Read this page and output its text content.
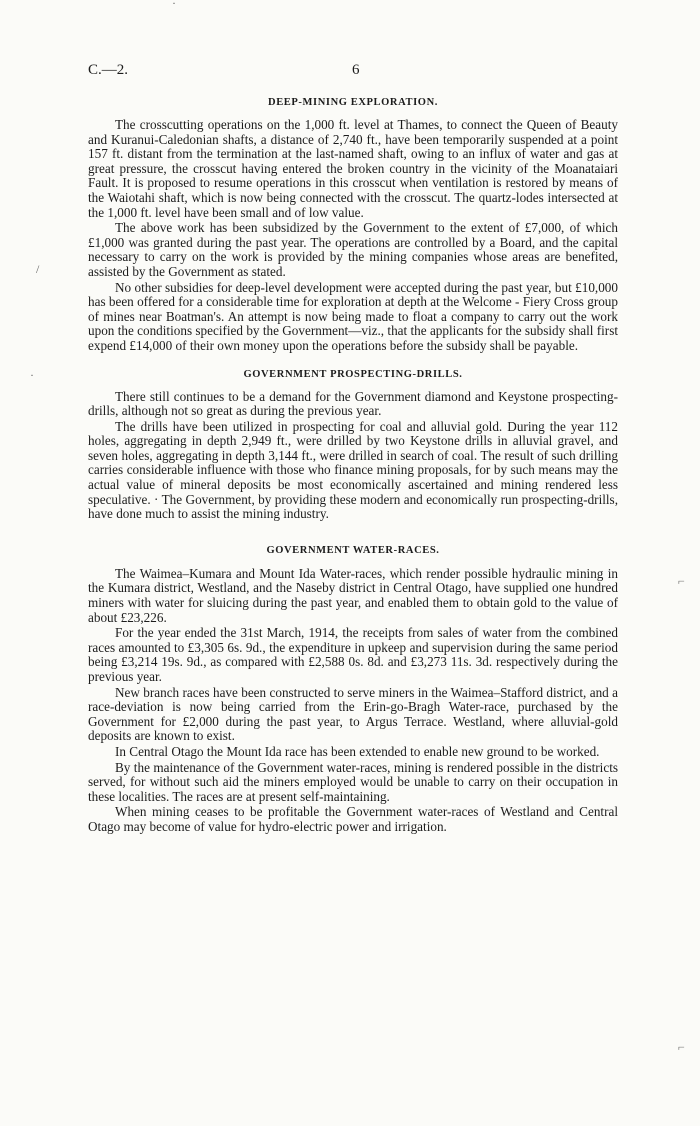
C.—2.	6
DEEP-MINING EXPLORATION.

The crosscutting operations on the 1,000 ft. level at Thames, to connect the Queen of Beauty and Kuranui-Caledonian shafts, a distance of 2,740 ft., have been temporarily suspended at a point 157 ft. distant from the termination at the last-named shaft, owing to an influx of water and gas at great pressure, the crosscut having entered the broken country in the vicinity of the Moanataiari Fault. It is proposed to resume operations in this crosscut when ventilation is restored by means of the Waiotahi shaft, which is now being connected with the crosscut. The quartz-lodes intersected at the 1,000 ft. level have been small and of low value.

The above work has been subsidized by the Government to the extent of £7,000, of which £1,000 was granted during the past year. The operations are controlled by a Board, and the capital necessary to carry on the work is provided by the mining companies whose areas are benefited, assisted by the Government as stated.

No other subsidies for deep-level development were accepted during the past year, but £10,000 has been offered for a considerable time for exploration at depth at the Welcome - Fiery Cross group of mines near Boatman's. An attempt is now being made to float a company to carry out the work upon the conditions specified by the Government—viz., that the applicants for the subsidy shall first expend £14,000 of their own money upon the operations before the subsidy shall be payable.

GOVERNMENT PROSPECTING-DRILLS.

There still continues to be a demand for the Government diamond and Keystone prospecting-drills, although not so great as during the previous year.

The drills have been utilized in prospecting for coal and alluvial gold. During the year 112 holes, aggregating in depth 2,949 ft., were drilled by two Keystone drills in alluvial gravel, and seven holes, aggregating in depth 3,144 ft., were drilled in search of coal. The result of such drilling carries considerable influence with those who finance mining proposals, for by such means may the actual value of mineral deposits be most economically ascertained and mining rendered less speculative. · The Government, by providing these modern and economically run prospecting-drills, have done much to assist the mining industry.

GOVERNMENT WATER-RACES.

The Waimea–Kumara and Mount Ida Water-races, which render possible hydraulic mining in the Kumara district, Westland, and the Naseby district in Central Otago, have supplied one hundred miners with water for sluicing during the past year, and enabled them to obtain gold to the value of about £23,226.

For the year ended the 31st March, 1914, the receipts from sales of water from the combined races amounted to £3,305 6s. 9d., the expenditure in upkeep and supervision during the same period being £3,214 19s. 9d., as compared with £2,588 0s. 8d. and £3,273 11s. 3d. respectively during the previous year.

New branch races have been constructed to serve miners in the Waimea–Stafford district, and a race-deviation is now being carried from the Erin-go-Bragh Water-race, purchased by the Government for £2,000 during the past year, to Argus Terrace. Westland, where alluvial-gold deposits are known to exist.

In Central Otago the Mount Ida race has been extended to enable new ground to be worked.

By the maintenance of the Government water-races, mining is rendered possible in the districts served, for without such aid the miners employed would be unable to carry on their occupation in these localities. The races are at present self-maintaining.

When mining ceases to be profitable the Government water-races of Westland and Central Otago may become of value for hydro-electric power and irrigation.

·
/
·
⌐
⌐
